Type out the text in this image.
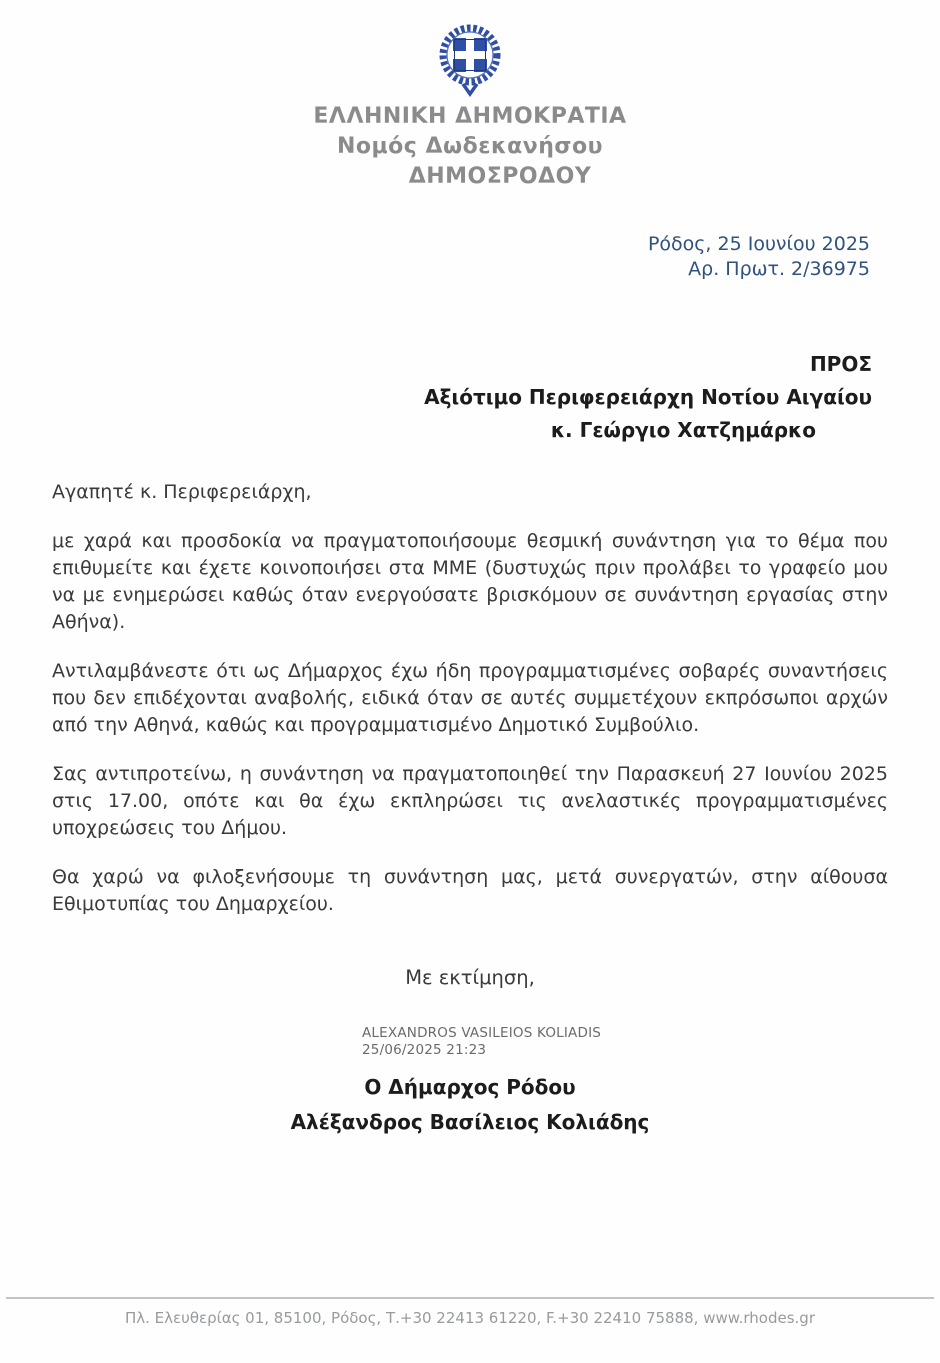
ΕΛΛΗΝΙΚΗ ΔΗΜΟΚΡΑΤΙΑ
Νομός Δωδεκανήσου
ΔΗΜΟΣΡΟΔΟΥ
Ρόδος, 25 Ιουνίου 2025
Αρ. Πρωτ. 2/36975
ΠΡΟΣ
Αξιότιμο Περιφερειάρχη Νοτίου Αιγαίου
κ. Γεώργιο Χατζημάρκο

Αγαπητέ κ. Περιφερειάρχη,

με χαρά και προσδοκία να πραγματοποιήσουμε θεσμική συνάντηση για το θέμα που επιθυμείτε και έχετε κοινοποιήσει στα ΜΜΕ (δυστυχώς πριν προλάβει το γραφείο μου να με ενημερώσει καθώς όταν ενεργούσατε βρισκόμουν σε συνάντηση εργασίας στην Αθήνα).

Αντιλαμβάνεστε ότι ως Δήμαρχος έχω ήδη προγραμματισμένες σοβαρές συναντήσεις που δεν επιδέχονται αναβολής, ειδικά όταν σε αυτές συμμετέχουν εκπρόσωποι αρχών από την Αθηνά, καθώς και προγραμματισμένο Δημοτικό Συμβούλιο.

Σας αντιπροτείνω, η συνάντηση να πραγματοποιηθεί την Παρασκευή 27 Ιουνίου 2025 στις 17.00, οπότε και θα έχω εκπληρώσει τις ανελαστικές προγραμματισμένες υποχρεώσεις του Δήμου.

Θα χαρώ να φιλοξενήσουμε τη συνάντηση μας, μετά συνεργατών, στην αίθουσα Εθιμοτυπίας του Δημαρχείου.

Με εκτίμηση,
ALEXANDROS VASILEIOS KOLIADIS
25/06/2025 21:23
Ο Δήμαρχος Ρόδου
Αλέξανδρος Βασίλειος Κολιάδης
Πλ. Ελευθερίας 01, 85100, Ρόδος, Τ.+30 22413 61220, F.+30 22410 75888, www.rhodes.gr
